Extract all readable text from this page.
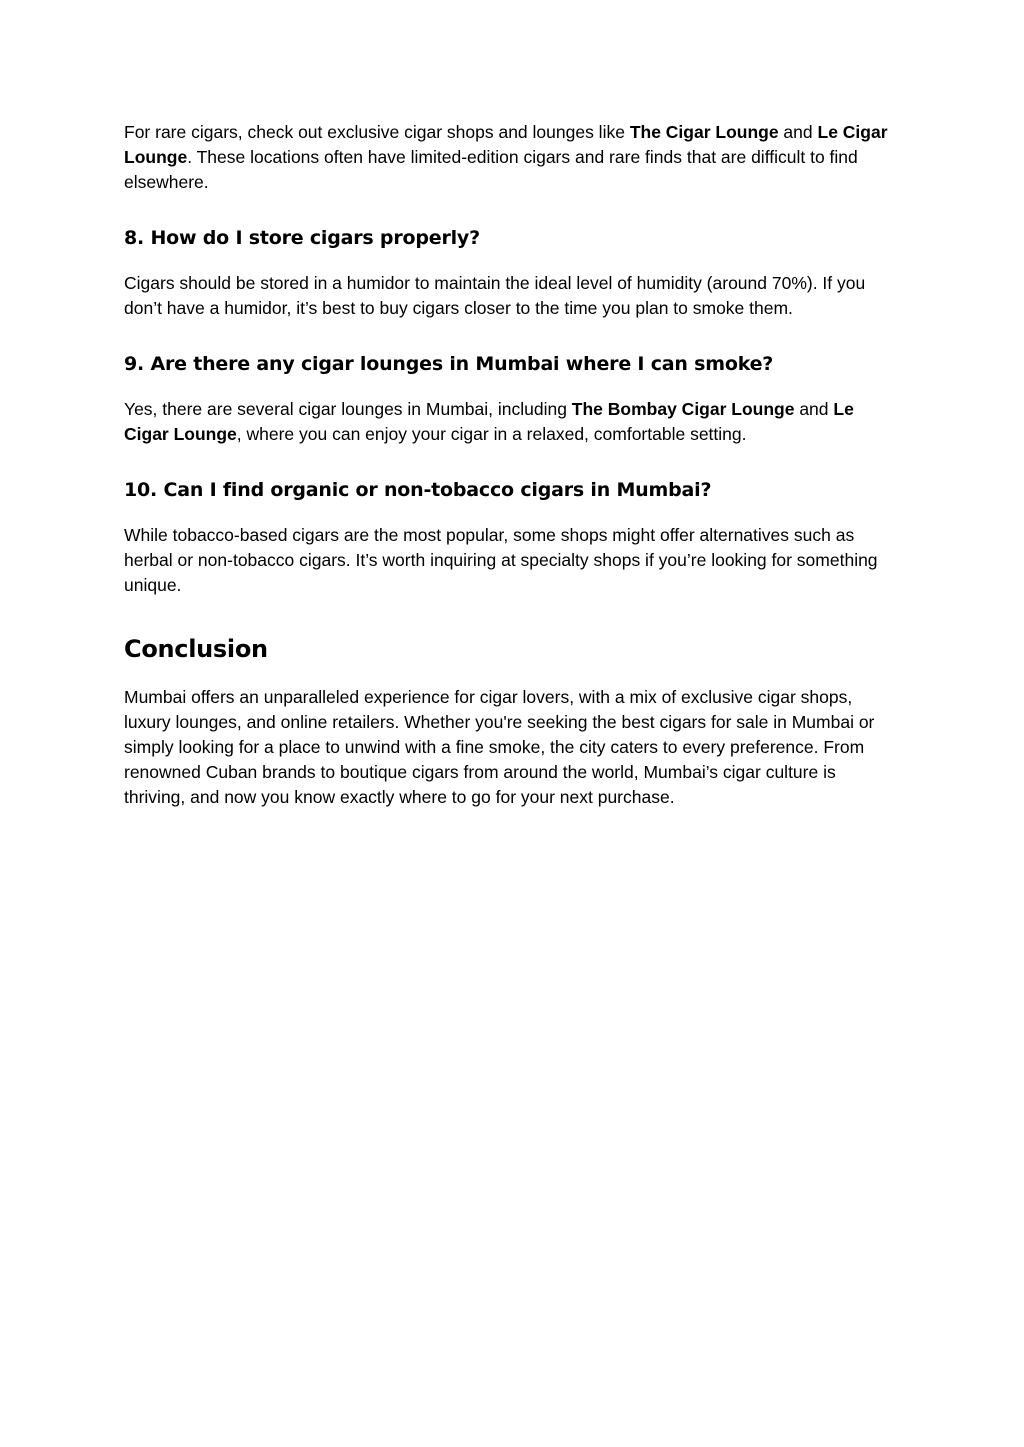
For rare cigars, check out exclusive cigar shops and lounges like The Cigar Lounge and Le Cigar Lounge. These locations often have limited-edition cigars and rare finds that are difficult to find elsewhere.

8. How do I store cigars properly?

Cigars should be stored in a humidor to maintain the ideal level of humidity (around 70%). If you don’t have a humidor, it’s best to buy cigars closer to the time you plan to smoke them.

9. Are there any cigar lounges in Mumbai where I can smoke?

Yes, there are several cigar lounges in Mumbai, including The Bombay Cigar Lounge and Le Cigar Lounge, where you can enjoy your cigar in a relaxed, comfortable setting.

10. Can I find organic or non-tobacco cigars in Mumbai?

While tobacco-based cigars are the most popular, some shops might offer alternatives such as herbal or non-tobacco cigars. It’s worth inquiring at specialty shops if you’re looking for something unique.

Conclusion

Mumbai offers an unparalleled experience for cigar lovers, with a mix of exclusive cigar shops, luxury lounges, and online retailers. Whether you're seeking the best cigars for sale in Mumbai or simply looking for a place to unwind with a fine smoke, the city caters to every preference. From renowned Cuban brands to boutique cigars from around the world, Mumbai’s cigar culture is thriving, and now you know exactly where to go for your next purchase.
